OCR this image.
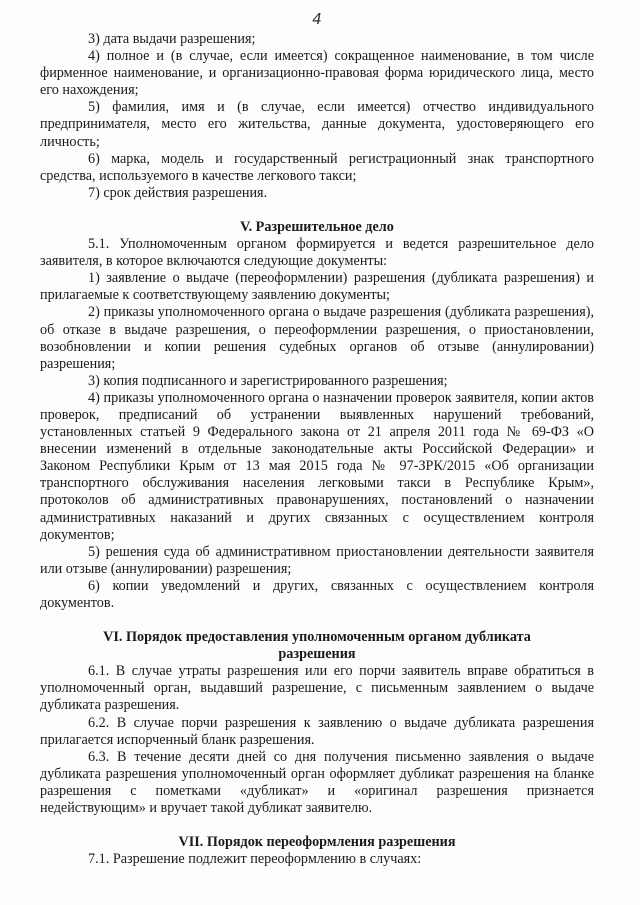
4

3) дата выдачи разрешения;

4) полное и (в случае, если имеется) сокращенное наименование, в том числе фирменное наименование, и организационно-правовая форма юридического лица, место его нахождения;

5) фамилия, имя и (в случае, если имеется) отчество индивидуального предпринимателя, место его жительства, данные документа, удостоверяющего его личность;

6) марка, модель и государственный регистрационный знак транспортного средства, используемого в качестве легкового такси;

7) срок действия разрешения.

V. Разрешительное дело

5.1. Уполномоченным органом формируется и ведется разрешительное дело заявителя, в которое включаются следующие документы:

1) заявление о выдаче (переоформлении) разрешения (дубликата разрешения) и прилагаемые к соответствующему заявлению документы;

2) приказы уполномоченного органа о выдаче разрешения (дубликата разрешения), об отказе в выдаче разрешения, о переоформлении разрешения, о приостановлении, возобновлении и копии решения судебных органов об отзыве (аннулировании) разрешения;

3) копия подписанного и зарегистрированного разрешения;

4) приказы уполномоченного органа о назначении проверок заявителя, копии актов проверок, предписаний об устранении выявленных нарушений требований, установленных статьей 9 Федерального закона от 21 апреля 2011 года № 69-ФЗ «О внесении изменений в отдельные законодательные акты Российской Федерации» и Законом Республики Крым от 13 мая 2015 года № 97-ЗРК/2015 «Об организации транспортного обслуживания населения легковыми такси в Республике Крым», протоколов об административных правонарушениях, постановлений о назначении административных наказаний и других связанных с осуществлением контроля документов;

5) решения суда об административном приостановлении деятельности заявителя или отзыве (аннулировании) разрешения;

6) копии уведомлений и других, связанных с осуществлением контроля документов.

VI. Порядок предоставления уполномоченным органом дубликата

разрешения

6.1. В случае утраты разрешения или его порчи заявитель вправе обратиться в уполномоченный орган, выдавший разрешение, с письменным заявлением о выдаче дубликата разрешения.

6.2. В случае порчи разрешения к заявлению о выдаче дубликата разрешения прилагается испорченный бланк разрешения.

6.3. В течение десяти дней со дня получения письменно заявления о выдаче дубликата разрешения уполномоченный орган оформляет дубликат разрешения на бланке разрешения с пометками «дубликат» и «оригинал разрешения признается недействующим» и вручает такой дубликат заявителю.

VII. Порядок переоформления разрешения

7.1. Разрешение подлежит переоформлению в случаях:
